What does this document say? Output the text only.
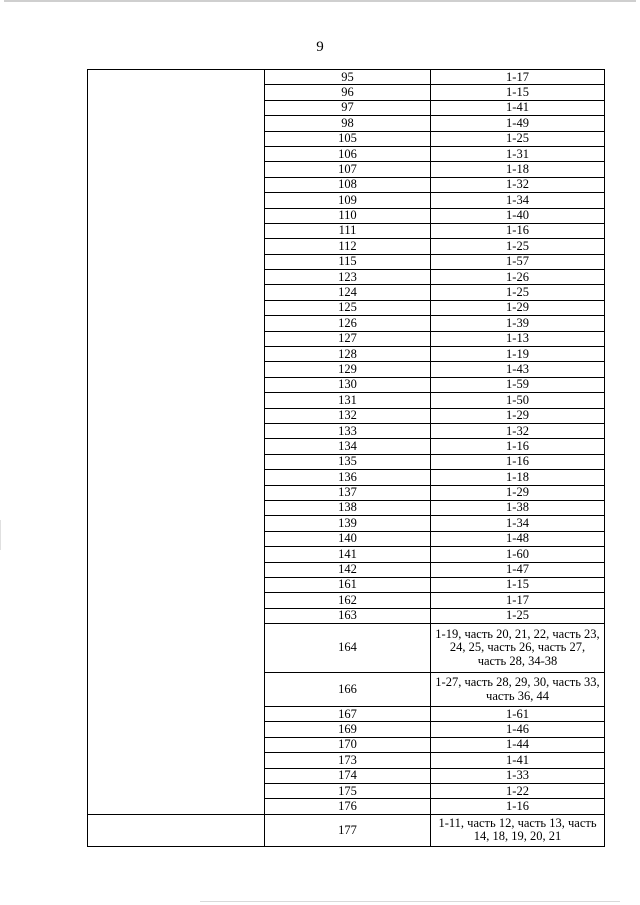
9
	95	1-17
	96	1-15
	97	1-41
	98	1-49
	105	1-25
	106	1-31
	107	1-18
	108	1-32
	109	1-34
	110	1-40
	111	1-16
	112	1-25
	115	1-57
	123	1-26
	124	1-25
	125	1-29
	126	1-39
	127	1-13
	128	1-19
	129	1-43
	130	1-59
	131	1-50
	132	1-29
	133	1-32
	134	1-16
	135	1-16
	136	1-18
	137	1-29
	138	1-38
	139	1-34
	140	1-48
	141	1-60
	142	1-47
	161	1-15
	162	1-17
	163	1-25
	164	1-19, часть 20, 21, 22, часть 23, 24, 25, часть 26, часть 27, часть 28, 34-38
	166	1-27, часть 28, 29, 30, часть 33, часть 36, 44
	167	1-61
	169	1-46
	170	1-44
	173	1-41
	174	1-33
	175	1-22
	176	1-16
	177	1-11, часть 12, часть 13, часть 14, 18, 19, 20, 21
